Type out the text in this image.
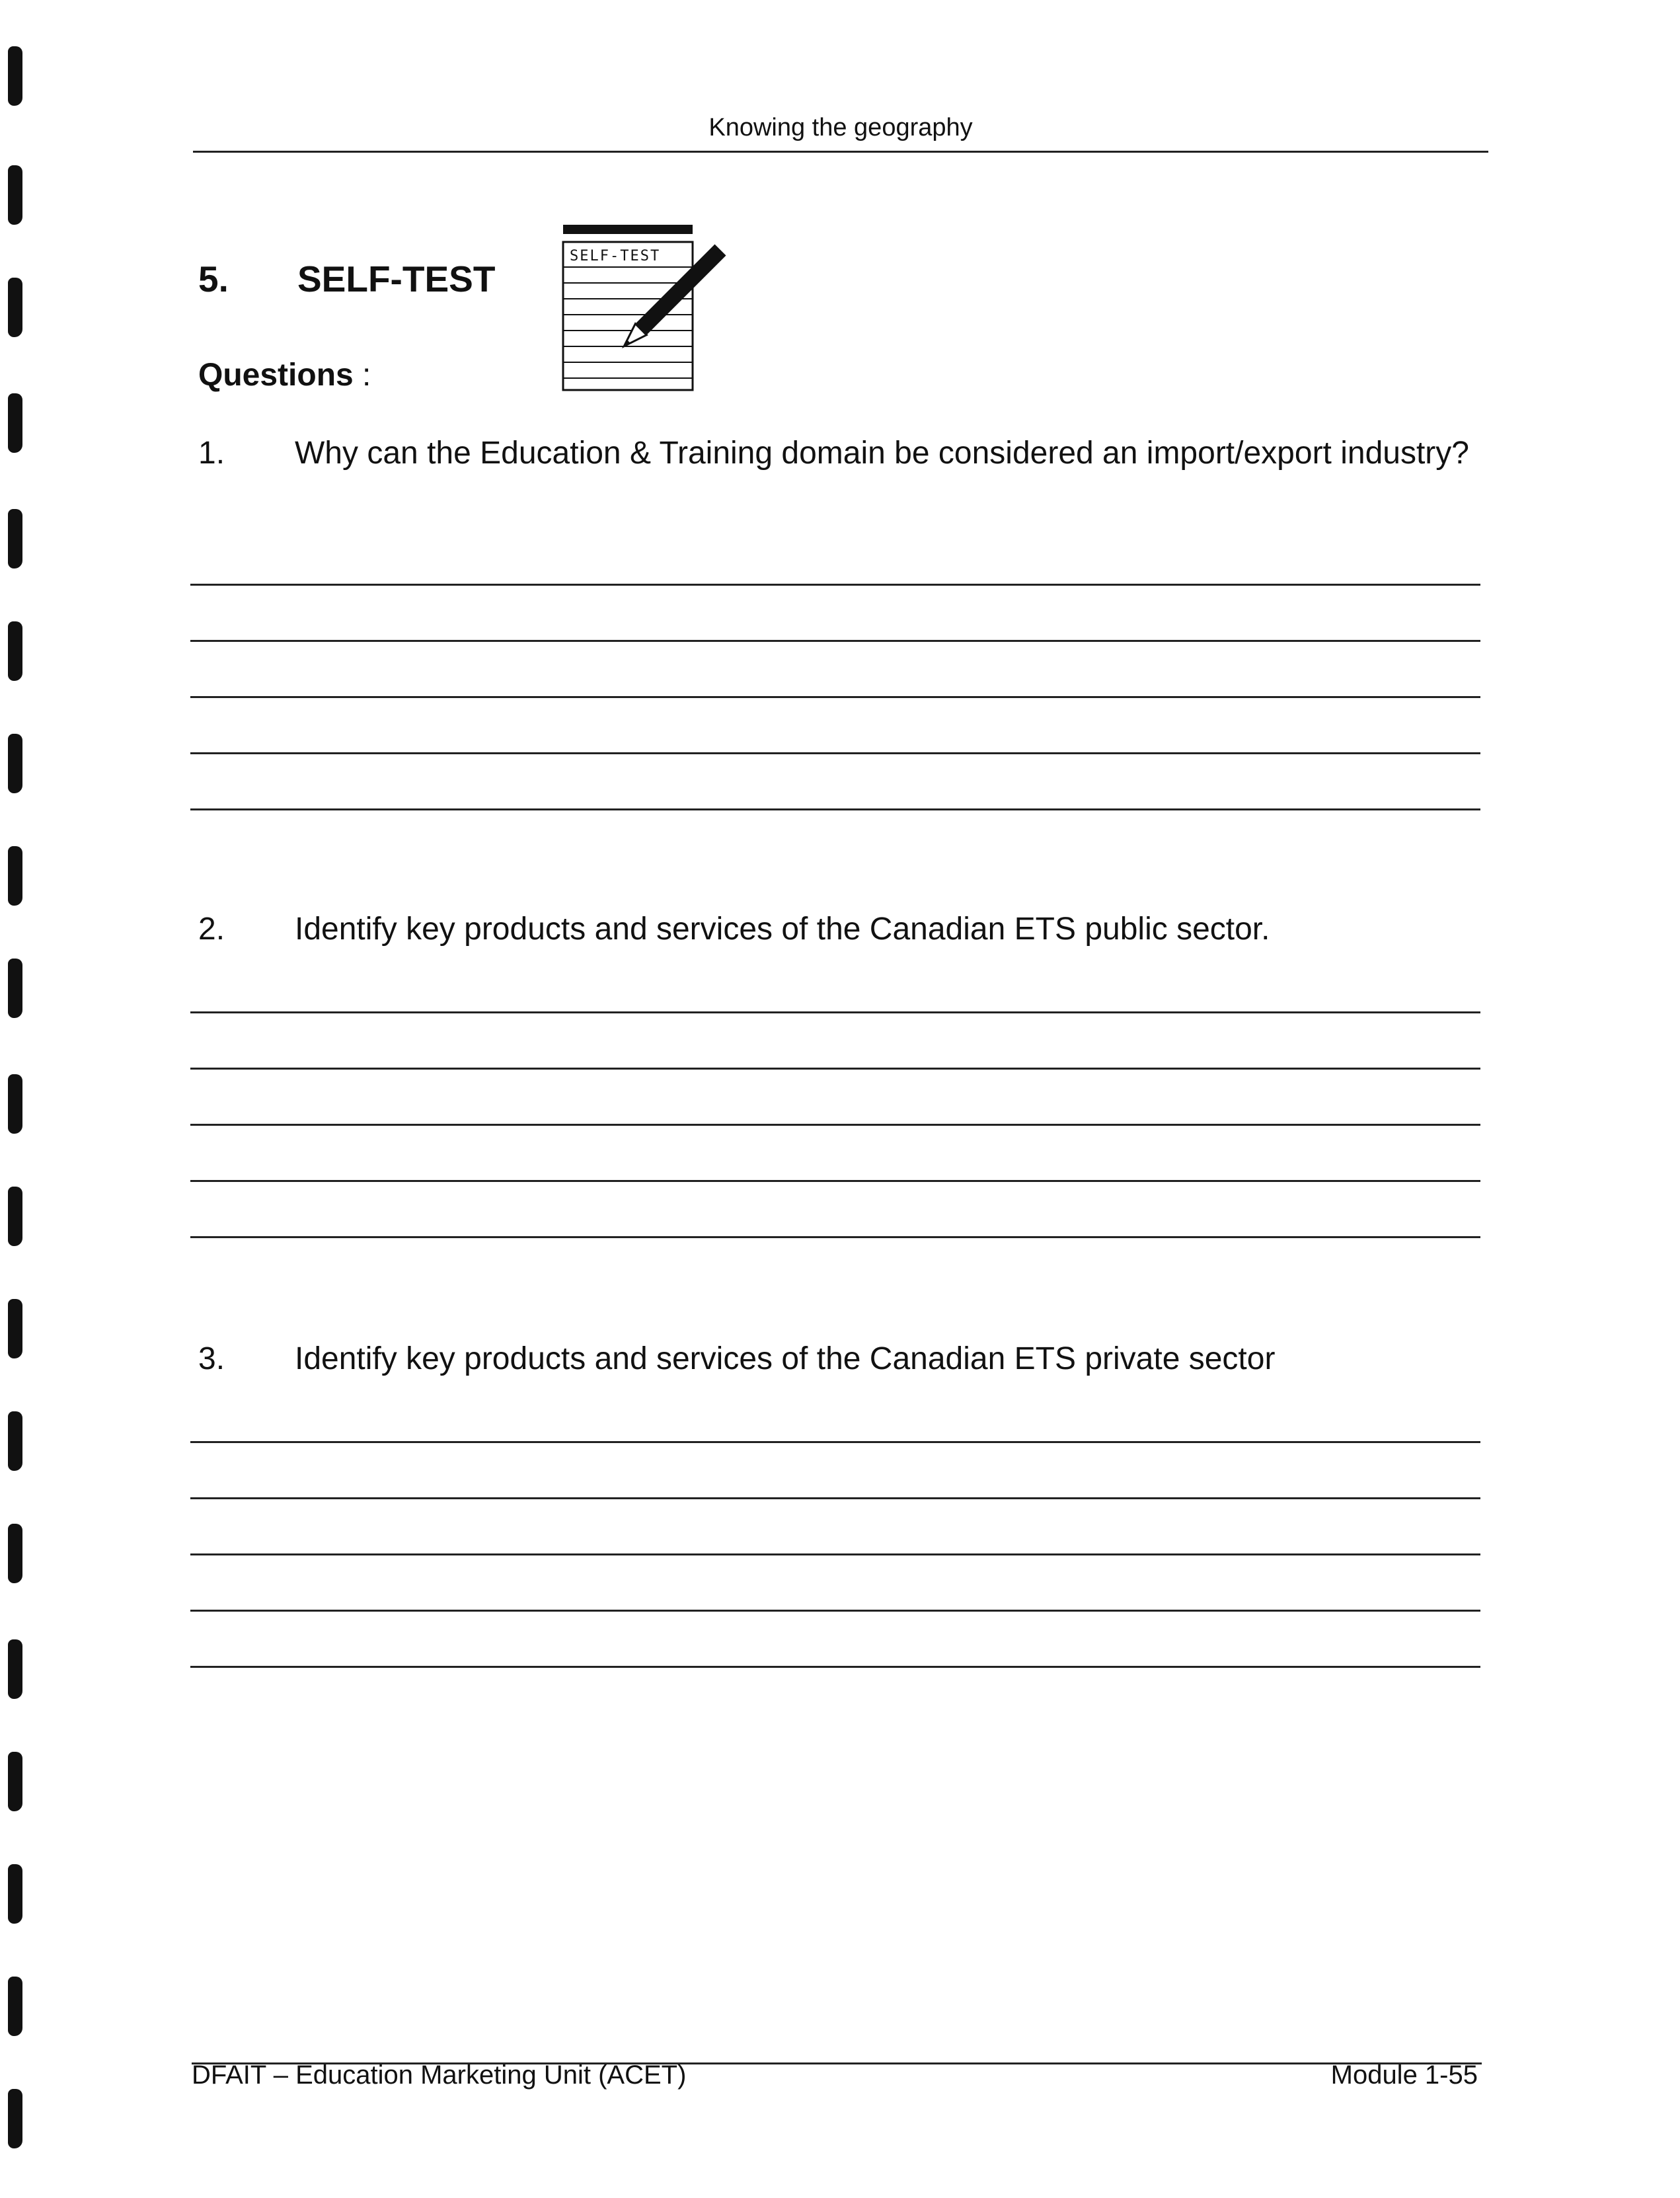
Knowing the geography
5. SELF-TEST
SELF-TEST
Questions :
1. Why can the Education & Training domain be considered an import/export industry?
2. Identify key products and services of the Canadian ETS public sector.
3. Identify key products and services of the Canadian ETS private sector
DFAIT – Education Marketing Unit (ACET)	Module 1-55
